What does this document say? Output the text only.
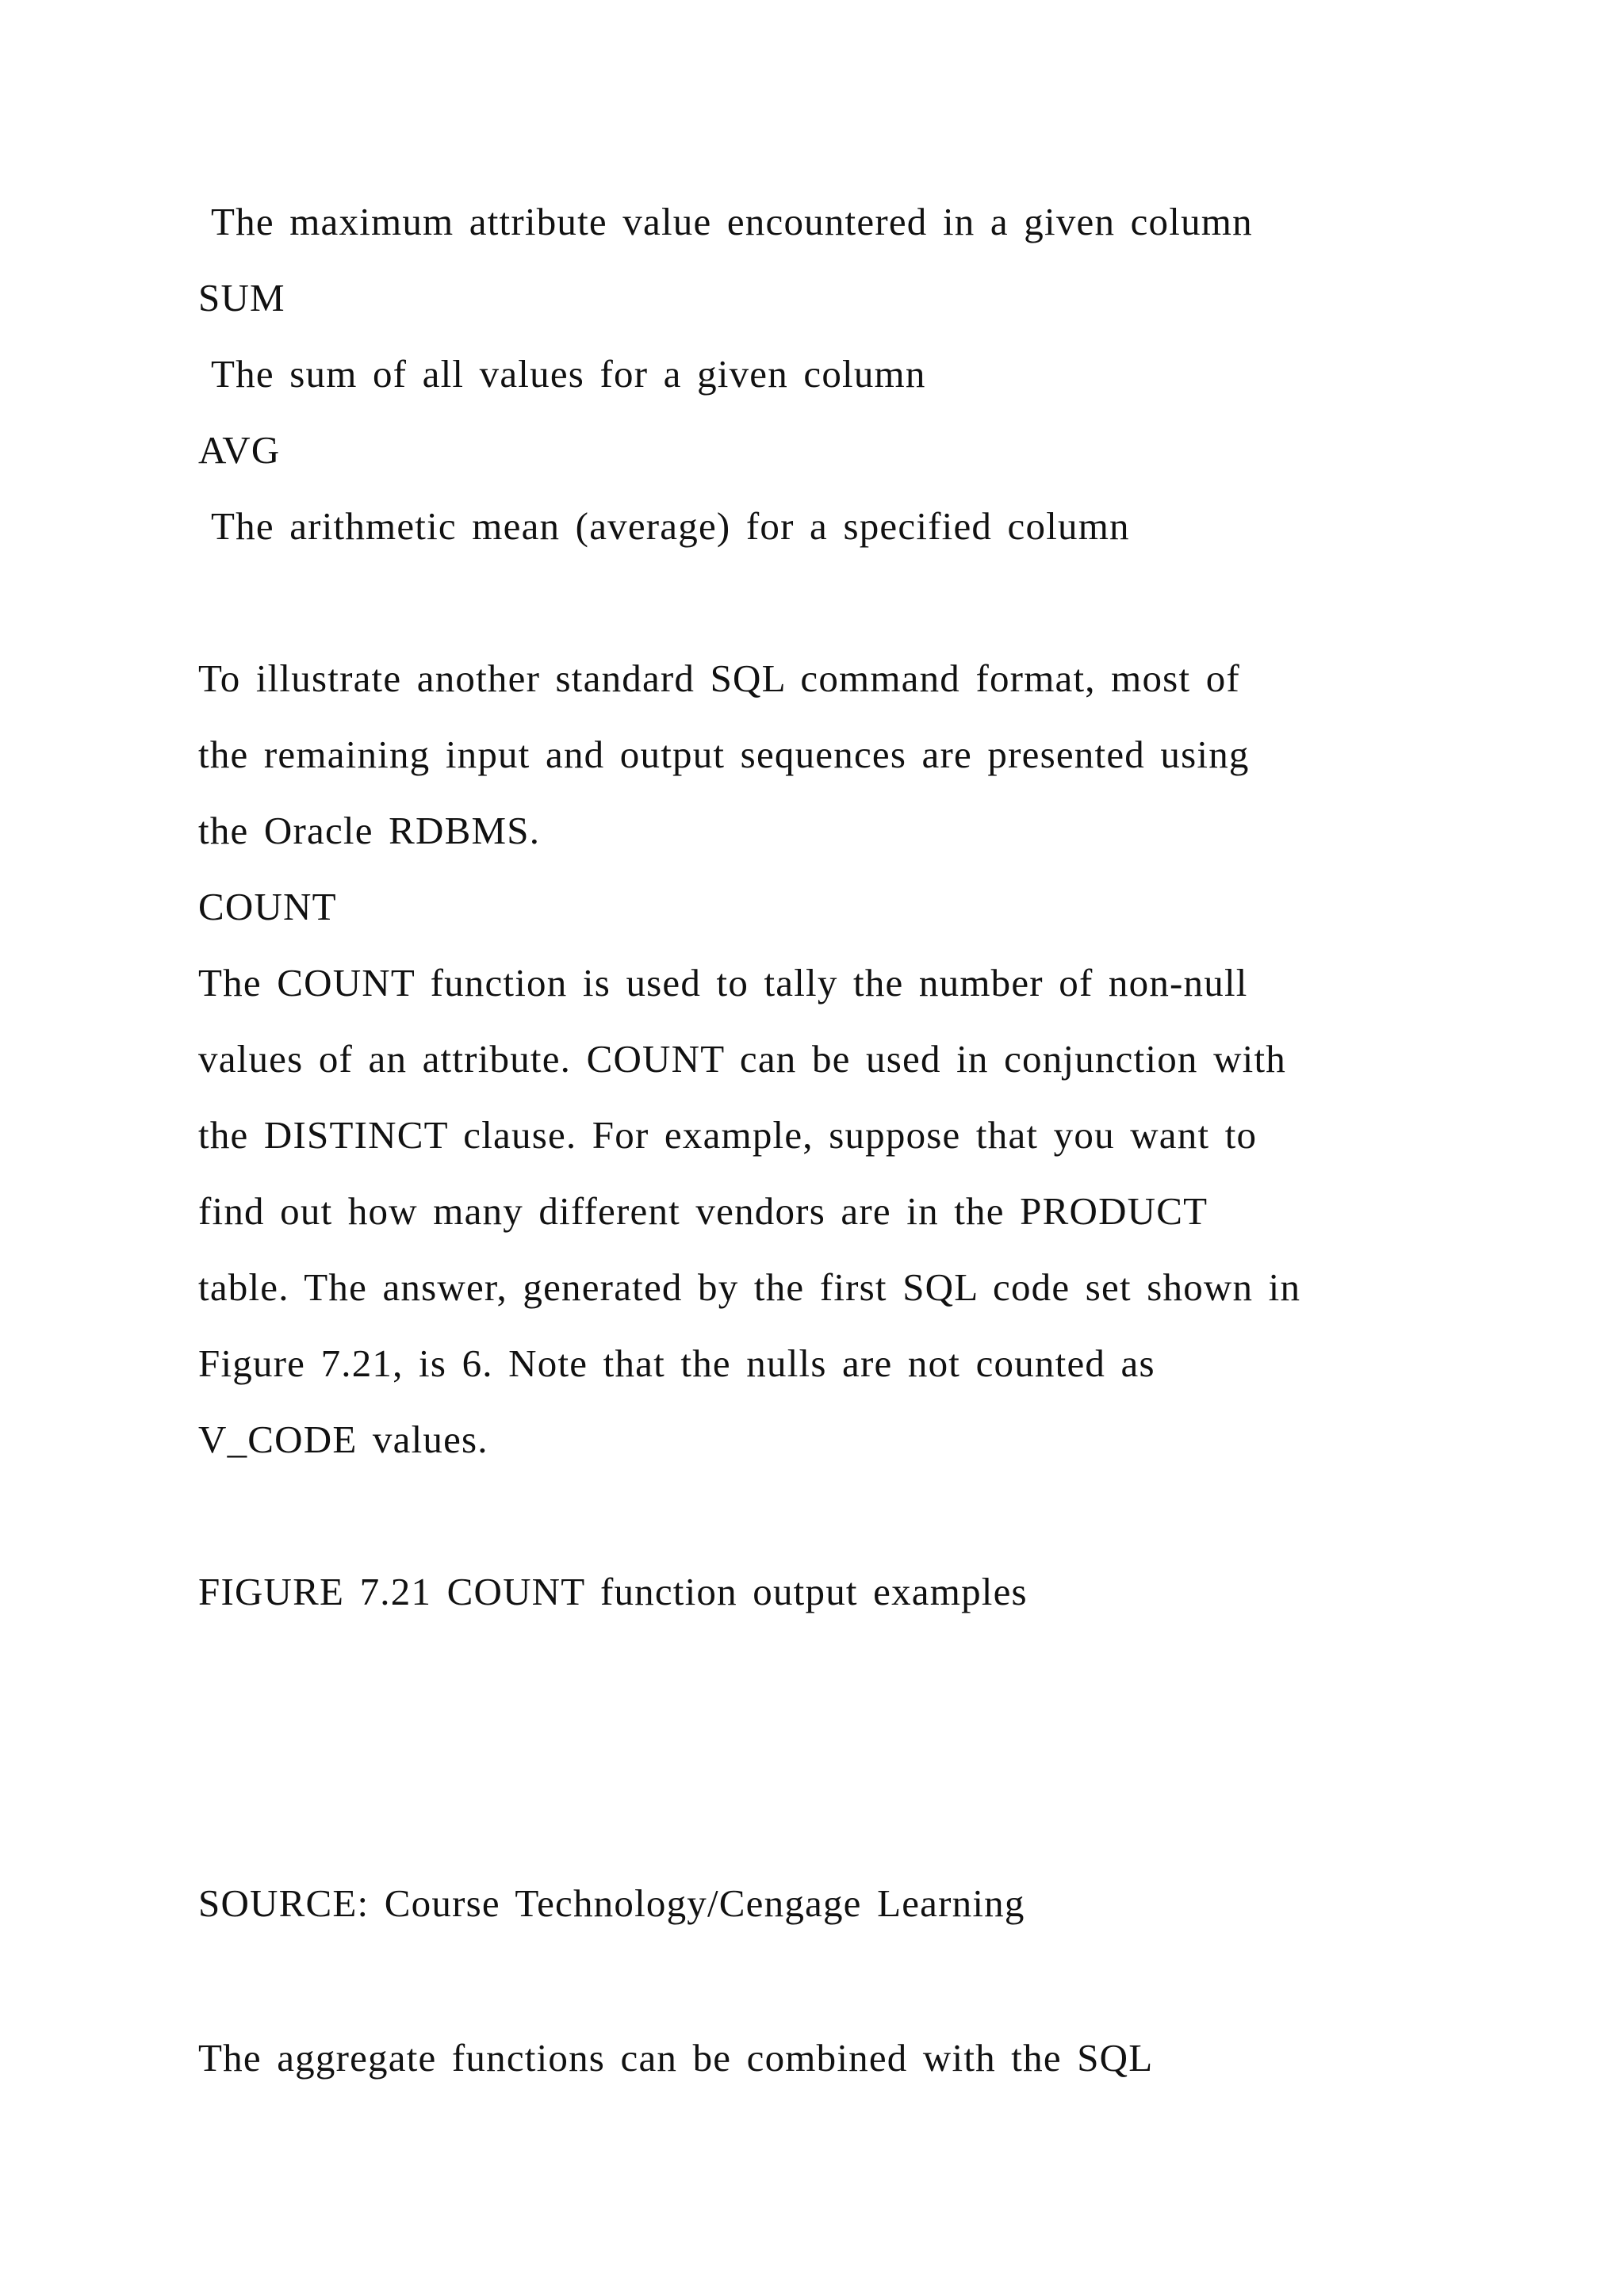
The maximum attribute value encountered in a given column
SUM
The sum of all values for a given column
AVG
The arithmetic mean (average) for a specified column
To illustrate another standard SQL command format, most of
the remaining input and output sequences are presented using
the Oracle RDBMS.
COUNT
The COUNT function is used to tally the number of non-null
values of an attribute. COUNT can be used in conjunction with
the DISTINCT clause. For example, suppose that you want to
find out how many different vendors are in the PRODUCT
table. The answer, generated by the first SQL code set shown in
Figure 7.21, is 6. Note that the nulls are not counted as
V_CODE values.
FIGURE 7.21 COUNT function output examples
SOURCE: Course Technology/Cengage Learning
The aggregate functions can be combined with the SQL
